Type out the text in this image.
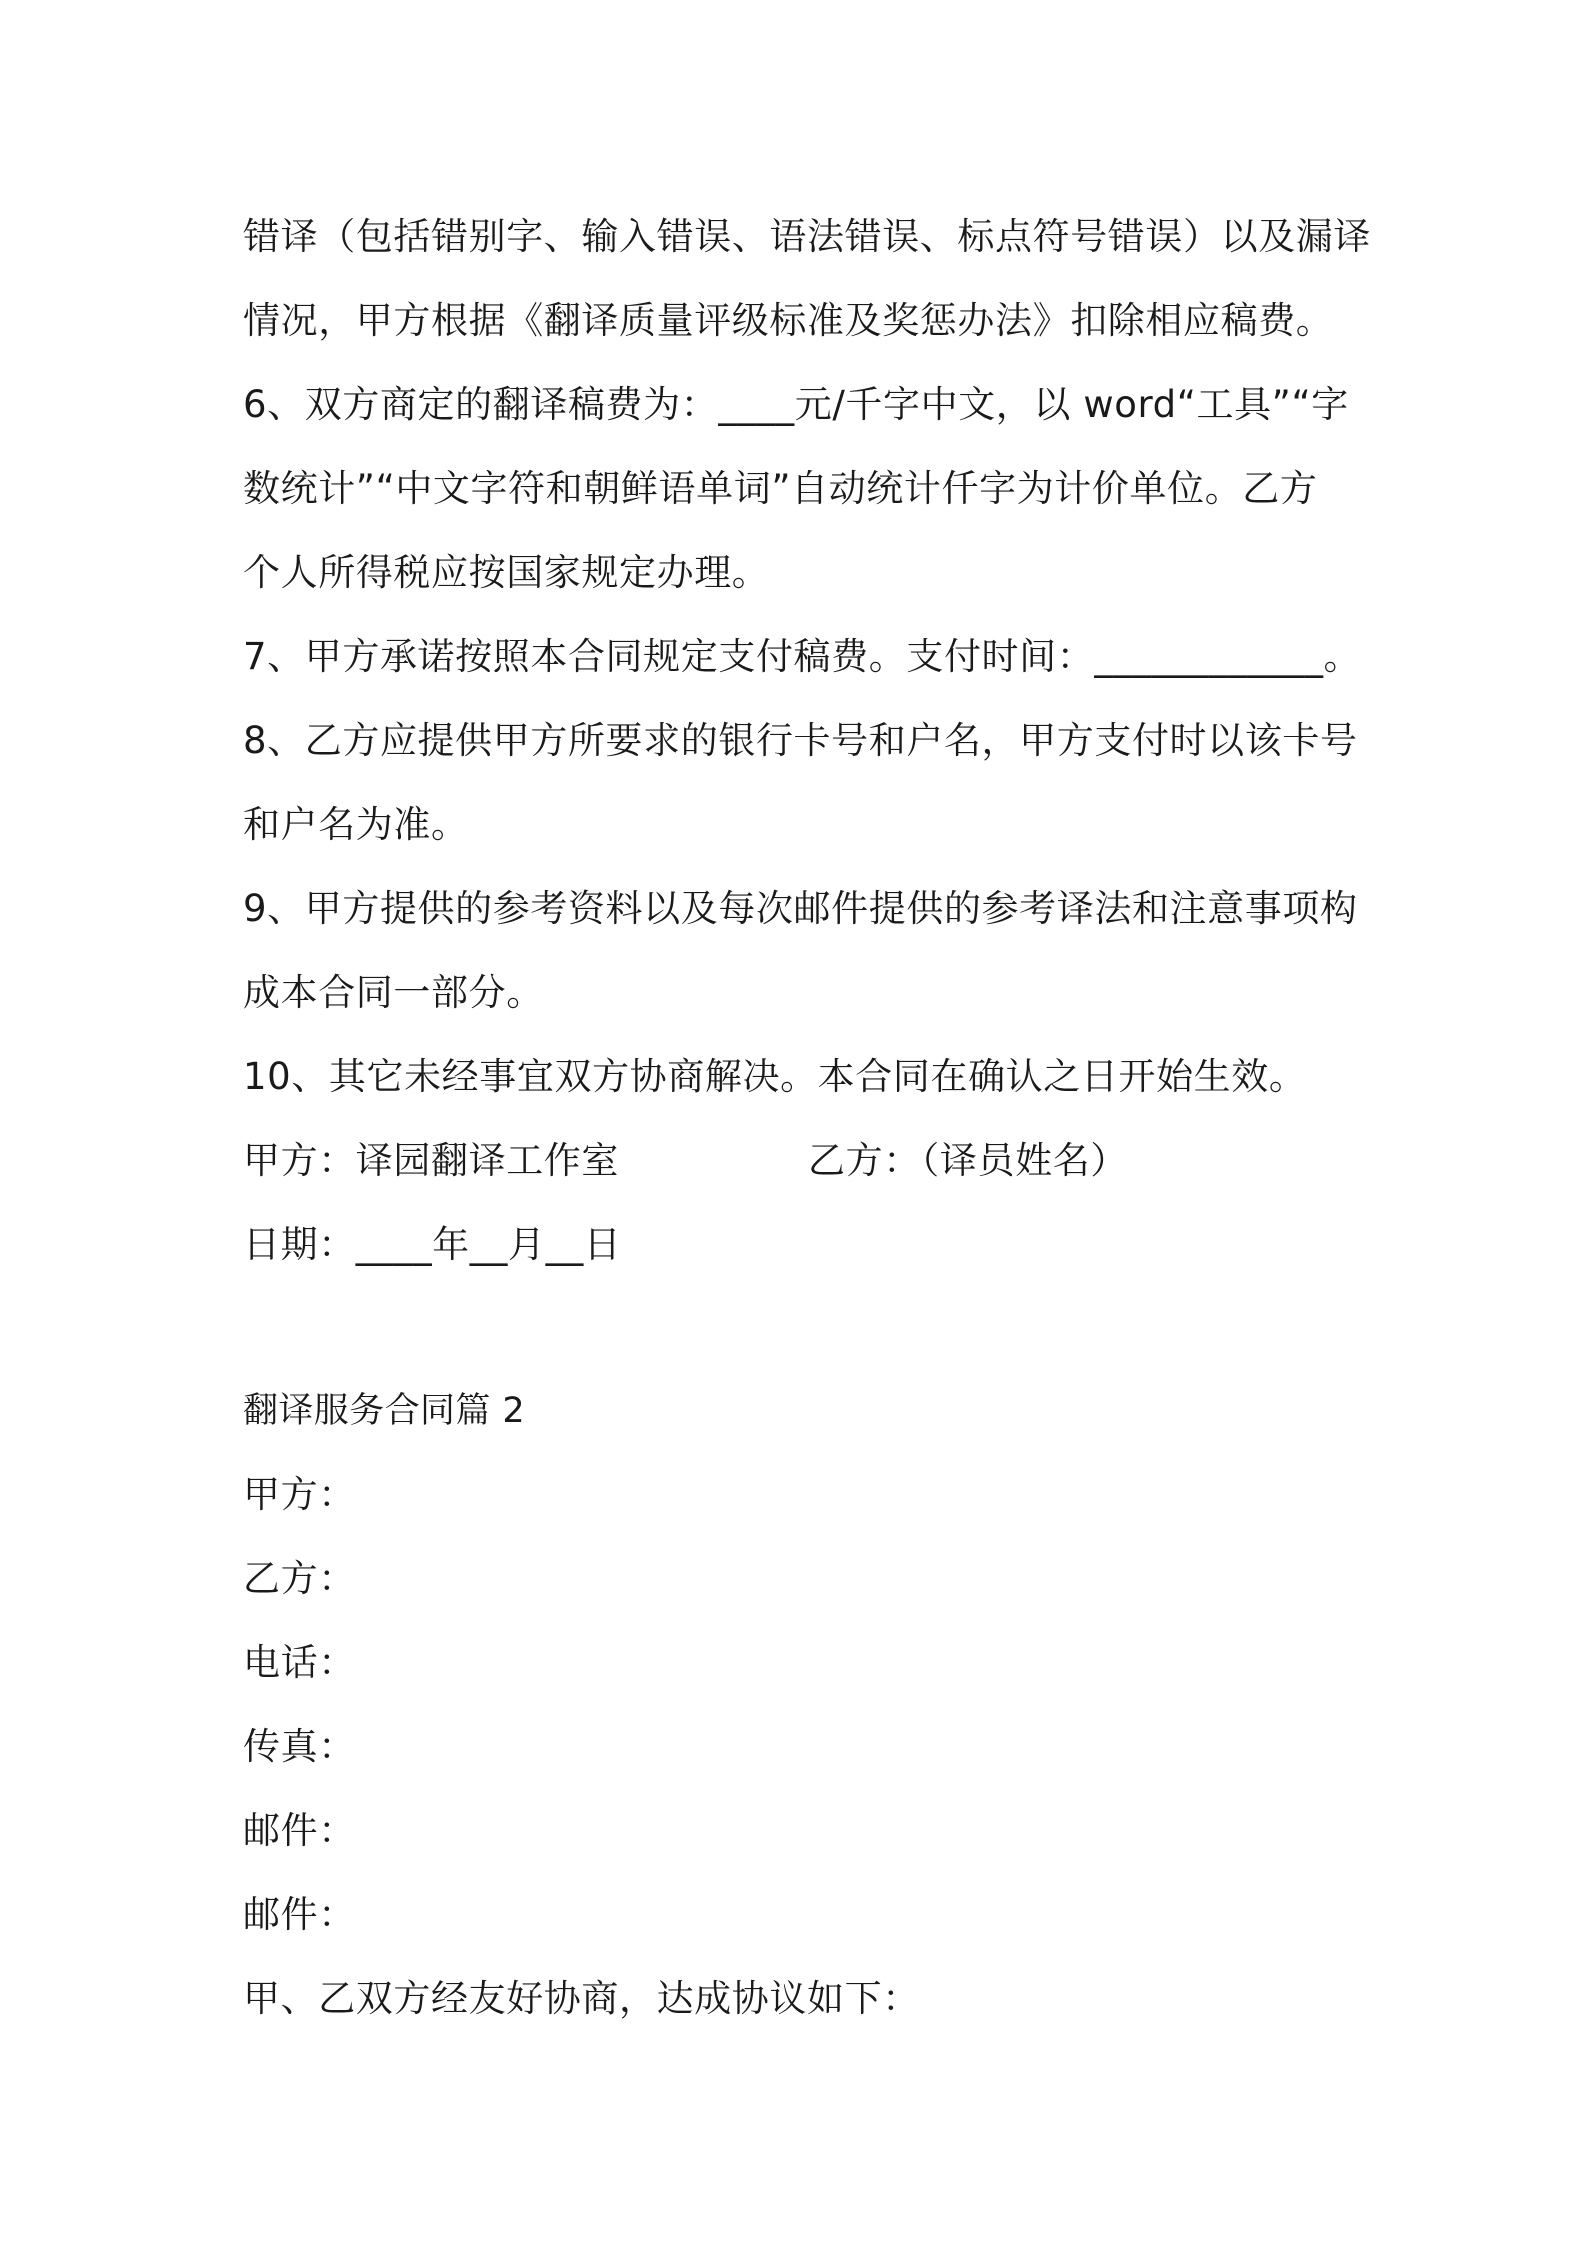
错译（包括错别字、输入错误、语法错误、标点符号错误）以及漏译
情况，甲方根据《翻译质量评级标准及奖惩办法》扣除相应稿费。
6、双方商定的翻译稿费为：____元/千字中文，以 word“工具”“字
数统计”“中文字符和朝鲜语单词”自动统计仟字为计价单位。乙方
个人所得税应按国家规定办理。
7、甲方承诺按照本合同规定支付稿费。支付时间：____________。
8、乙方应提供甲方所要求的银行卡号和户名，甲方支付时以该卡号
和户名为准。
9、甲方提供的参考资料以及每次邮件提供的参考译法和注意事项构
成本合同一部分。
10、其它未经事宜双方协商解决。本合同在确认之日开始生效。
甲方：译园翻译工作室	乙方：（译员姓名）
日期：____年__月__日
翻译服务合同篇 2
甲方：
乙方：
电话：
传真：
邮件：
邮件：
甲、乙双方经友好协商，达成协议如下：
